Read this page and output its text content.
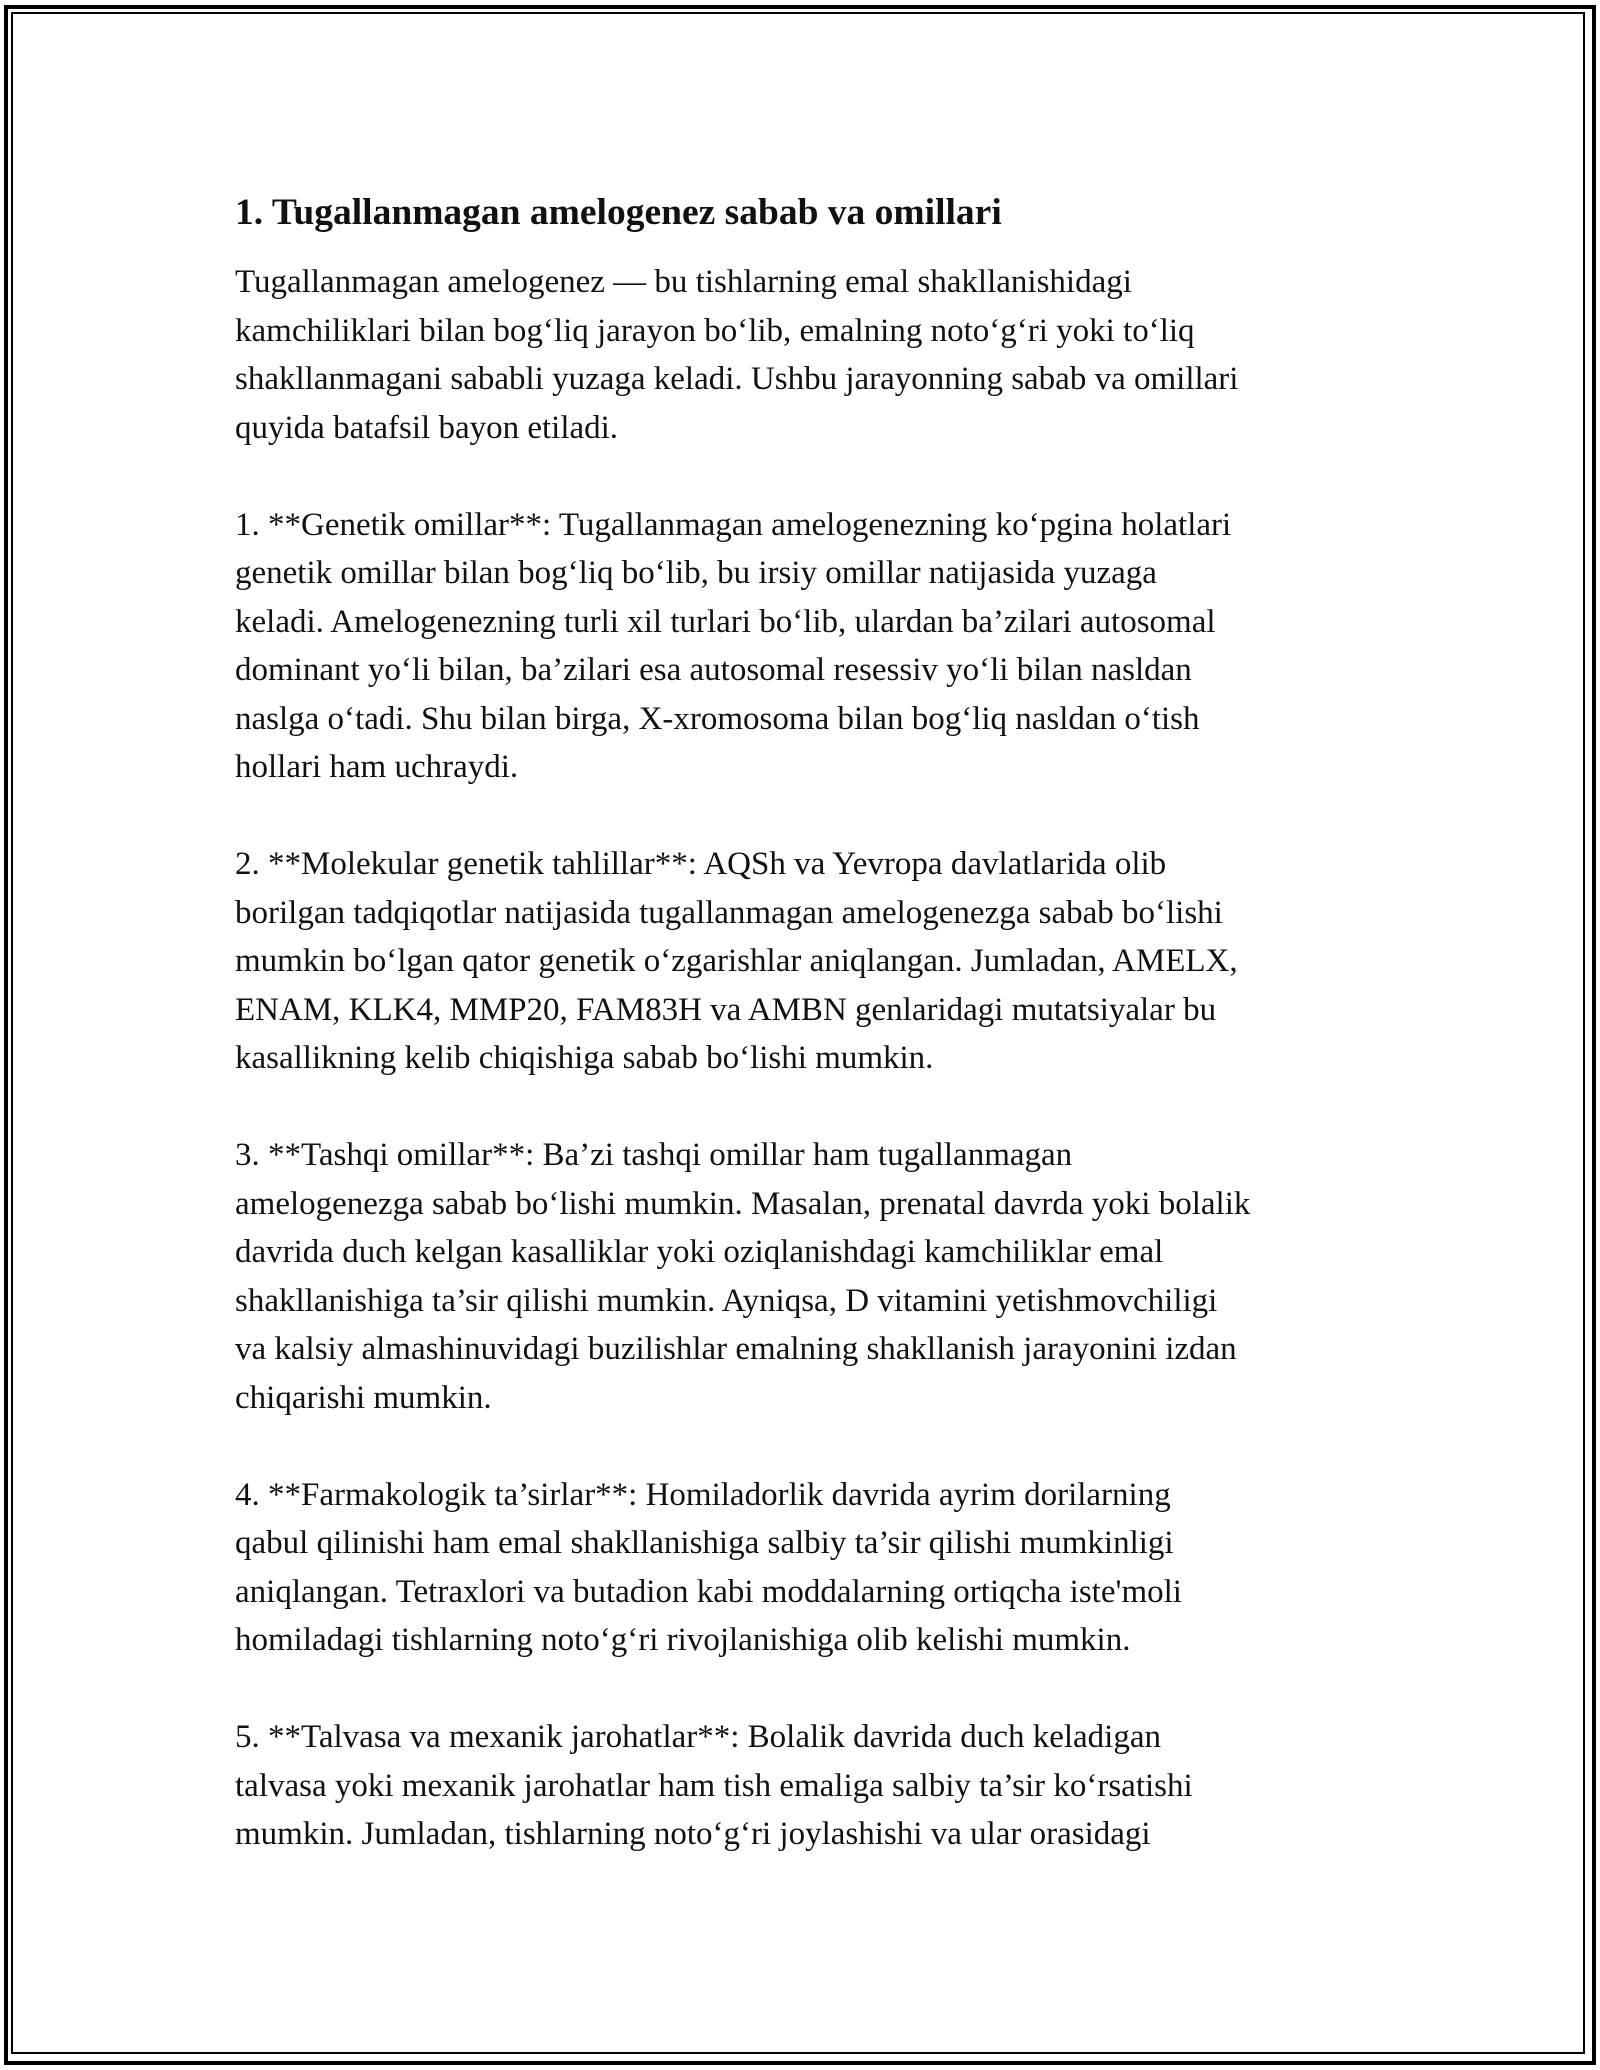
1. Tugallanmagan amelogenez sabab va omillari
Tugallanmagan amelogenez — bu tishlarning emal shakllanishidagi
kamchiliklari bilan bog‘liq jarayon bo‘lib, emalning noto‘g‘ri yoki to‘liq
shakllanmagani sababli yuzaga keladi. Ushbu jarayonning sabab va omillari
quyida batafsil bayon etiladi.
1. **Genetik omillar**: Tugallanmagan amelogenezning ko‘pgina holatlari
genetik omillar bilan bog‘liq bo‘lib, bu irsiy omillar natijasida yuzaga
keladi. Amelogenezning turli xil turlari bo‘lib, ulardan ba’zilari autosomal
dominant yo‘li bilan, ba’zilari esa autosomal resessiv yo‘li bilan nasldan
naslga o‘tadi. Shu bilan birga, X-xromosoma bilan bog‘liq nasldan o‘tish
hollari ham uchraydi.
2. **Molekular genetik tahlillar**: AQSh va Yevropa davlatlarida olib
borilgan tadqiqotlar natijasida tugallanmagan amelogenezga sabab bo‘lishi
mumkin bo‘lgan qator genetik o‘zgarishlar aniqlangan. Jumladan, AMELX,
ENAM, KLK4, MMP20, FAM83H va AMBN genlaridagi mutatsiyalar bu
kasallikning kelib chiqishiga sabab bo‘lishi mumkin.
3. **Tashqi omillar**: Ba’zi tashqi omillar ham tugallanmagan
amelogenezga sabab bo‘lishi mumkin. Masalan, prenatal davrda yoki bolalik
davrida duch kelgan kasalliklar yoki oziqlanishdagi kamchiliklar emal
shakllanishiga ta’sir qilishi mumkin. Ayniqsa, D vitamini yetishmovchiligi
va kalsiy almashinuvidagi buzilishlar emalning shakllanish jarayonini izdan
chiqarishi mumkin.
4. **Farmakologik ta’sirlar**: Homiladorlik davrida ayrim dorilarning
qabul qilinishi ham emal shakllanishiga salbiy ta’sir qilishi mumkinligi
aniqlangan. Tetraxlori va butadion kabi moddalarning ortiqcha iste'moli
homiladagi tishlarning noto‘g‘ri rivojlanishiga olib kelishi mumkin.
5. **Talvasa va mexanik jarohatlar**: Bolalik davrida duch keladigan
talvasa yoki mexanik jarohatlar ham tish emaliga salbiy ta’sir ko‘rsatishi
mumkin. Jumladan, tishlarning noto‘g‘ri joylashishi va ular orasidagi
